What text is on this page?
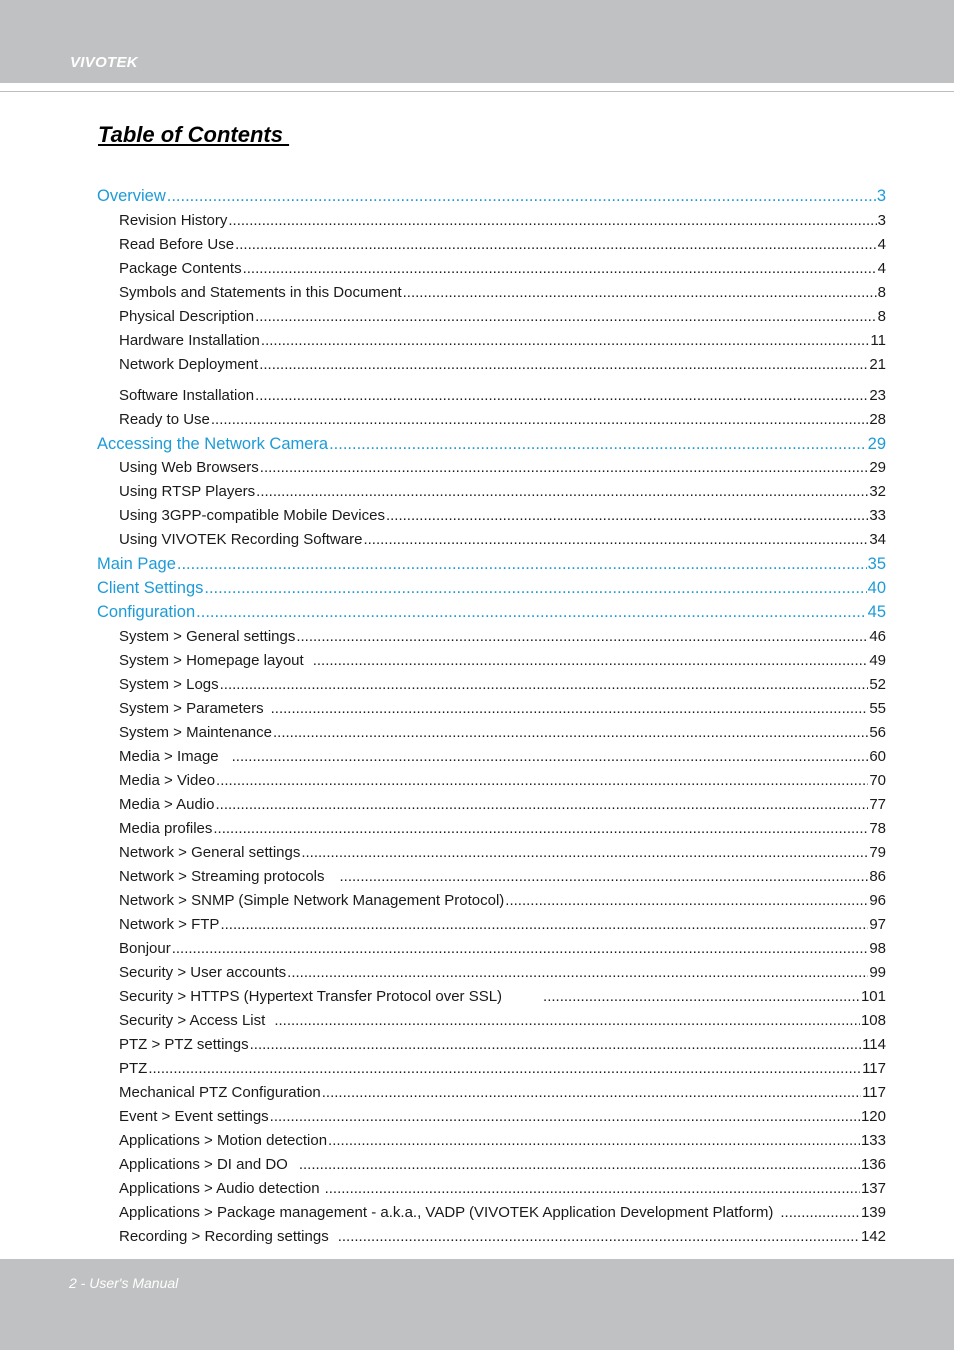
VIVOTEK
Table of Contents
Overview .....	3
Revision History .....	3
Read Before Use .....	4
Package Contents .....	4
Symbols and Statements in this Document .....	8
Physical Description .....	8
Hardware Installation .....	11
Network Deployment .....	21
Software Installation .....	23
Ready to Use .....	28
Accessing the Network Camera .....	29
Using Web Browsers .....	29
Using RTSP Players .....	32
Using 3GPP-compatible Mobile Devices .....	33
Using VIVOTEK Recording Software .....	34
Main Page .....	35
Client Settings .....	40
Configuration .....	45
System > General settings .....	46
System > Homepage layout .....	49
System > Logs .....	52
System > Parameters .....	55
System > Maintenance .....	56
Media > Image .....	60
Media > Video .....	70
Media > Audio .....	77
Media profiles .....	78
Network > General settings .....	79
Network > Streaming protocols .....	86
Network > SNMP (Simple Network Management Protocol) .....	96
Network > FTP .....	97
Bonjour .....	98
Security > User accounts .....	99
Security > HTTPS (Hypertext Transfer Protocol over SSL) .....	101
Security > Access List .....	108
PTZ > PTZ settings .....	114
PTZ .....	117
Mechanical PTZ Configuration .....	117
Event > Event settings .....	120
Applications > Motion detection .....	133
Applications > DI and DO .....	136
Applications > Audio detection .....	137
Applications > Package management - a.k.a., VADP (VIVOTEK Application Development Platform) .....	139
Recording > Recording settings .....	142
2 - User's Manual
